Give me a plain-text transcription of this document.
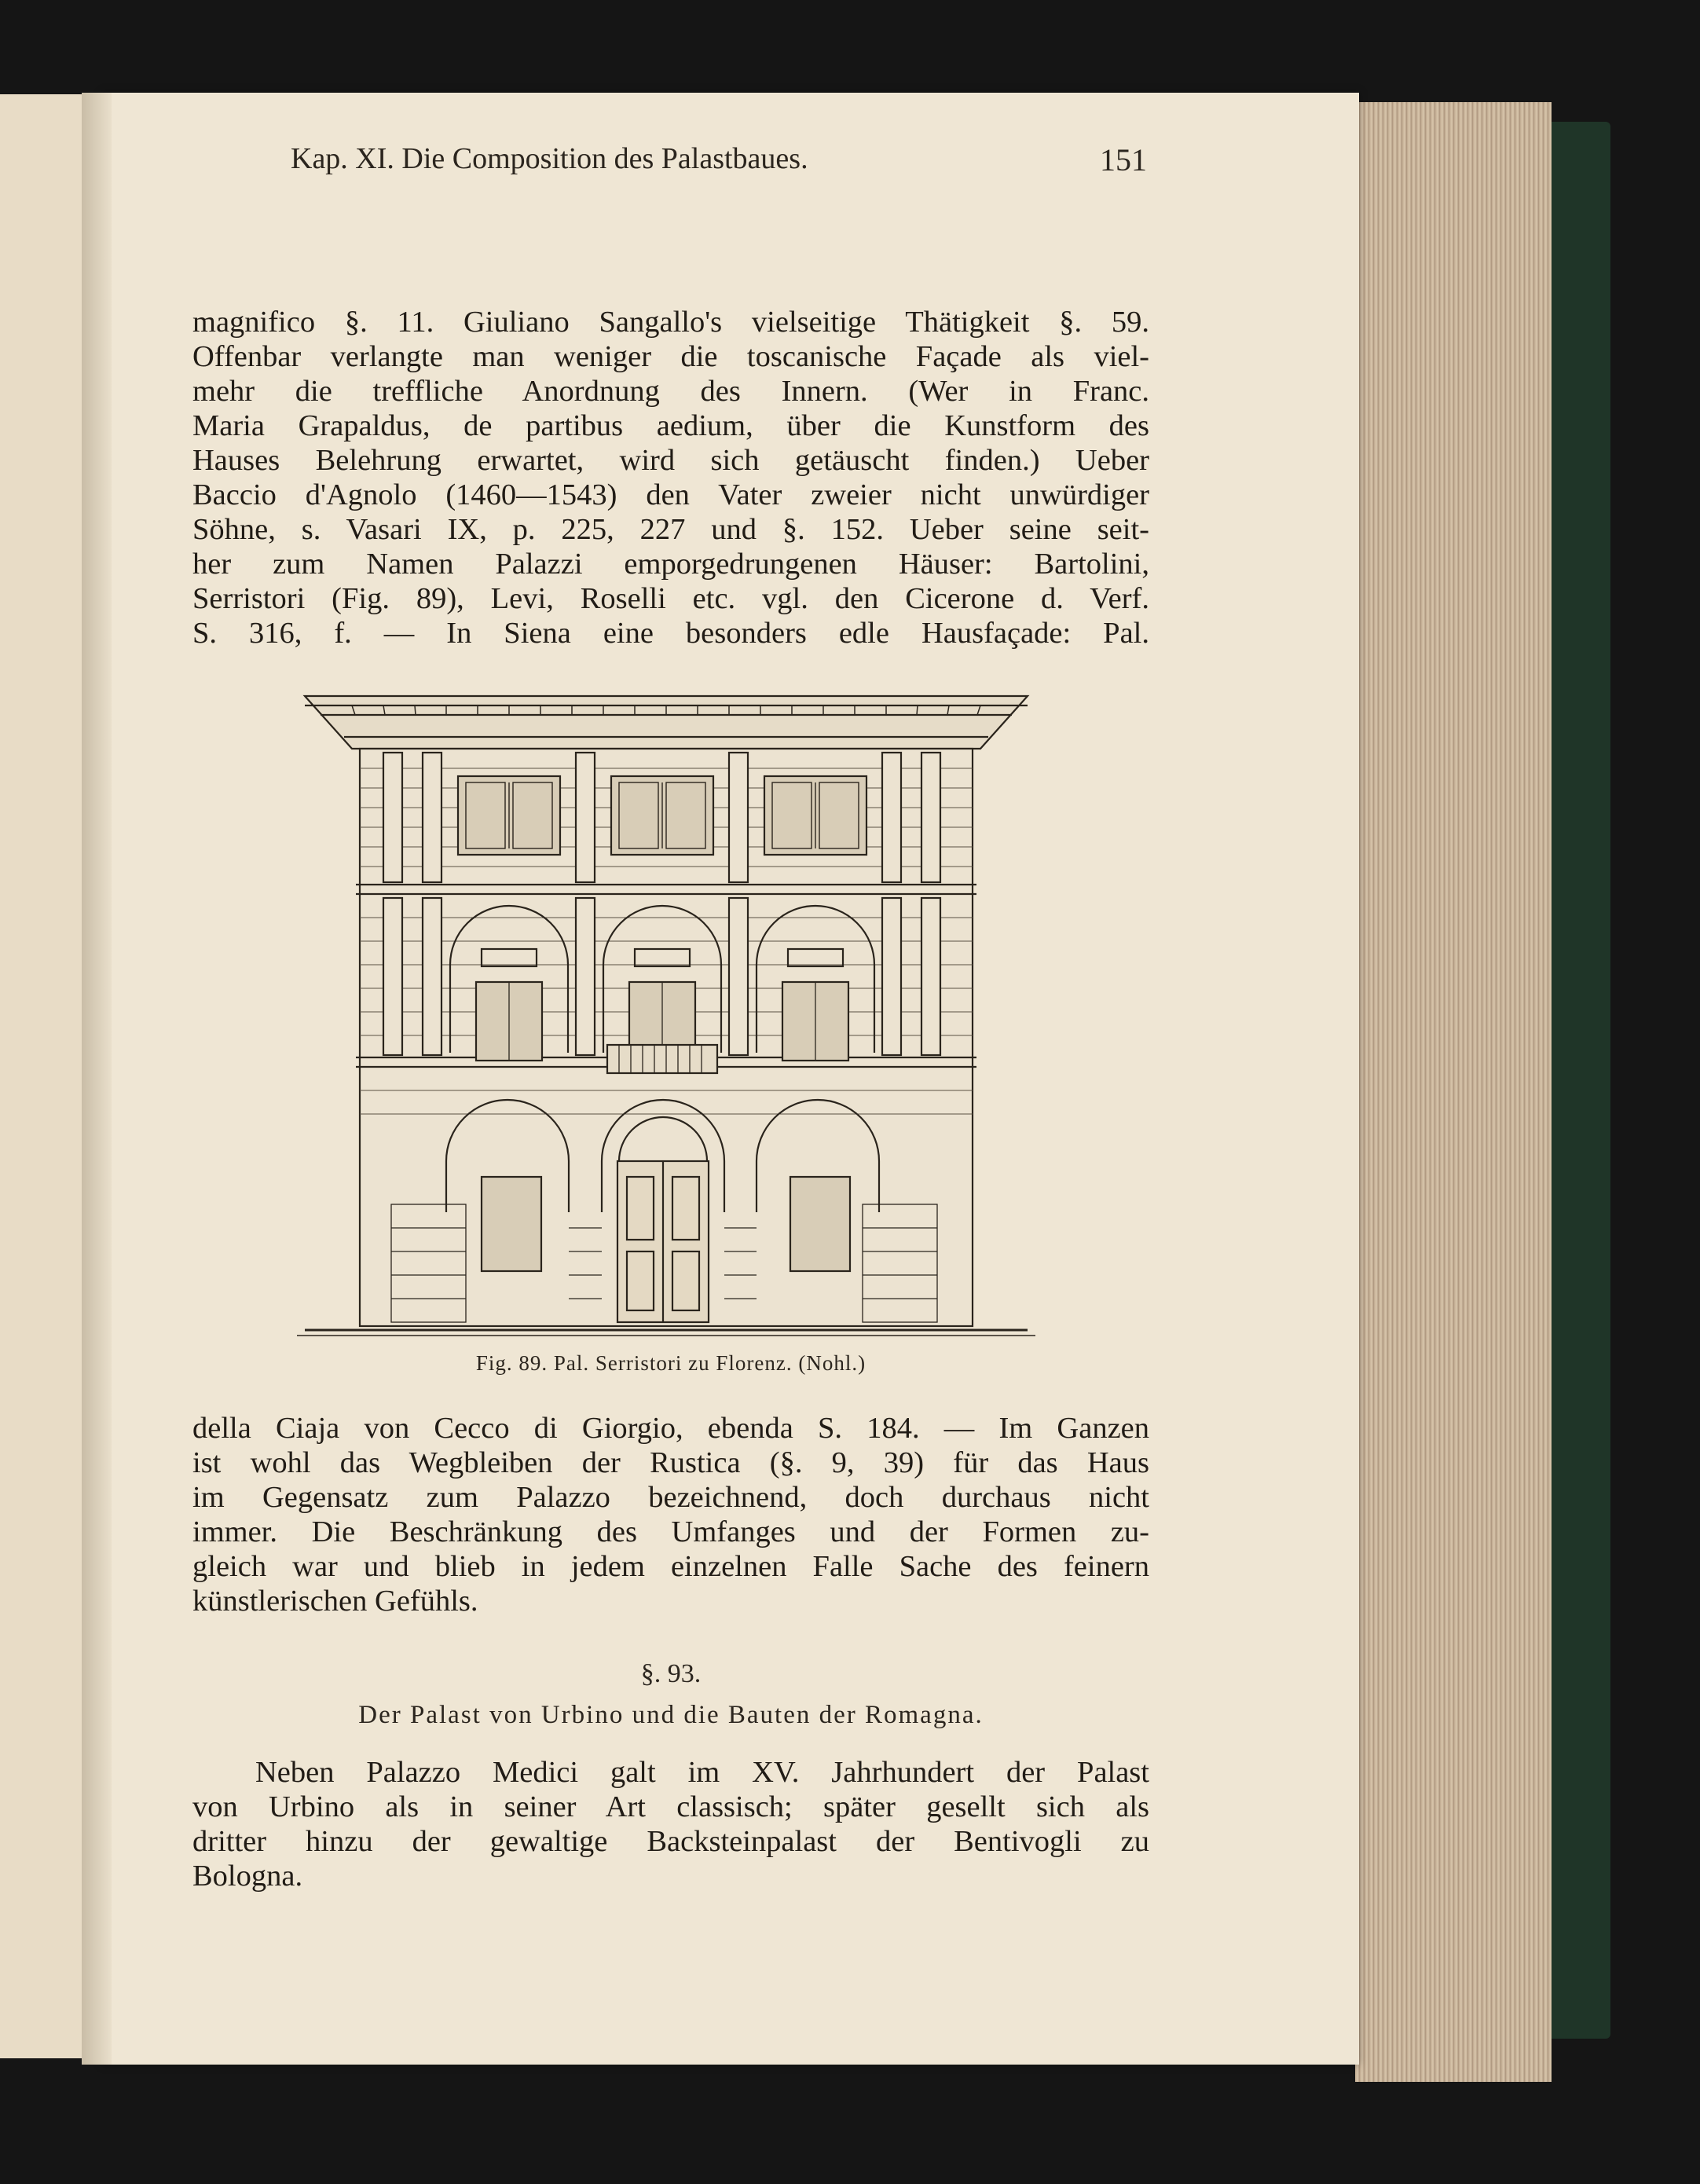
Kap. XI. Die Composition des Palastbaues.	151

magnifico §. 11. Giuliano Sangallo's vielseitige Thätigkeit §. 59.
Offenbar verlangte man weniger die toscanische Façade als viel-
mehr die treffliche Anordnung des Innern. (Wer in Franc.
Maria Grapaldus, de partibus aedium, über die Kunstform des
Hauses Belehrung erwartet, wird sich getäuscht finden.) Ueber
Baccio d'Agnolo (1460—1543) den Vater zweier nicht unwürdiger
Söhne, s. Vasari IX, p. 225, 227 und §. 152. Ueber seine seit-
her zum Namen Palazzi emporgedrungenen Häuser: Bartolini,
Serristori (Fig. 89), Levi, Roselli etc. vgl. den Cicerone d. Verf.
S. 316, f. — In Siena eine besonders edle Hausfaçade: Pal.

Fig. 89. Pal. Serristori zu Florenz. (Nohl.)

della Ciaja von Cecco di Giorgio, ebenda S. 184. — Im Ganzen
ist wohl das Wegbleiben der Rustica (§. 9, 39) für das Haus
im Gegensatz zum Palazzo bezeichnend, doch durchaus nicht
immer. Die Beschränkung des Umfanges und der Formen zu-
gleich war und blieb in jedem einzelnen Falle Sache des feinern
künstlerischen Gefühls.

§. 93.
Der Palast von Urbino und die Bauten der Romagna.

Neben Palazzo Medici galt im XV. Jahrhundert der Palast
von Urbino als in seiner Art classisch; später gesellt sich als
dritter hinzu der gewaltige Backsteinpalast der Bentivogli zu
Bologna.
